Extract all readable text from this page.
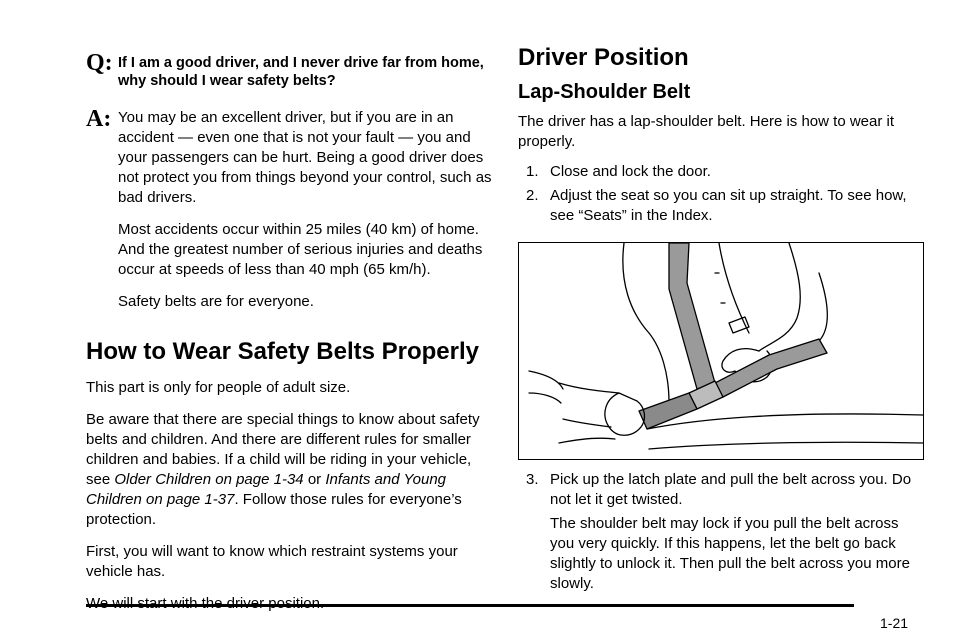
Q: If I am a good driver, and I never drive far from home, why should I wear safety belts?
A: You may be an excellent driver, but if you are in an accident — even one that is not your fault — you and your passengers can be hurt. Being a good driver does not protect you from things beyond your control, such as bad drivers.

Most accidents occur within 25 miles (40 km) of home. And the greatest number of serious injuries and deaths occur at speeds of less than 40 mph (65 km/h).

Safety belts are for everyone.

How to Wear Safety Belts Properly

This part is only for people of adult size.

Be aware that there are special things to know about safety belts and children. And there are different rules for smaller children and babies. If a child will be riding in your vehicle, see Older Children on page 1-34 or Infants and Young Children on page 1-37. Follow those rules for everyone’s protection.

First, you will want to know which restraint systems your vehicle has.

Driver Position
Lap-Shoulder Belt

The driver has a lap-shoulder belt. Here is how to wear it properly.

1. Close and lock the door.
2. Adjust the seat so you can sit up straight. To see how, see “Seats” in the Index.
3. Pick up the latch plate and pull the belt across you. Do not let it get twisted.

The shoulder belt may lock if you pull the belt across you very quickly. If this happens, let the belt go back slightly to unlock it. Then pull the belt across you more slowly.

1-21
